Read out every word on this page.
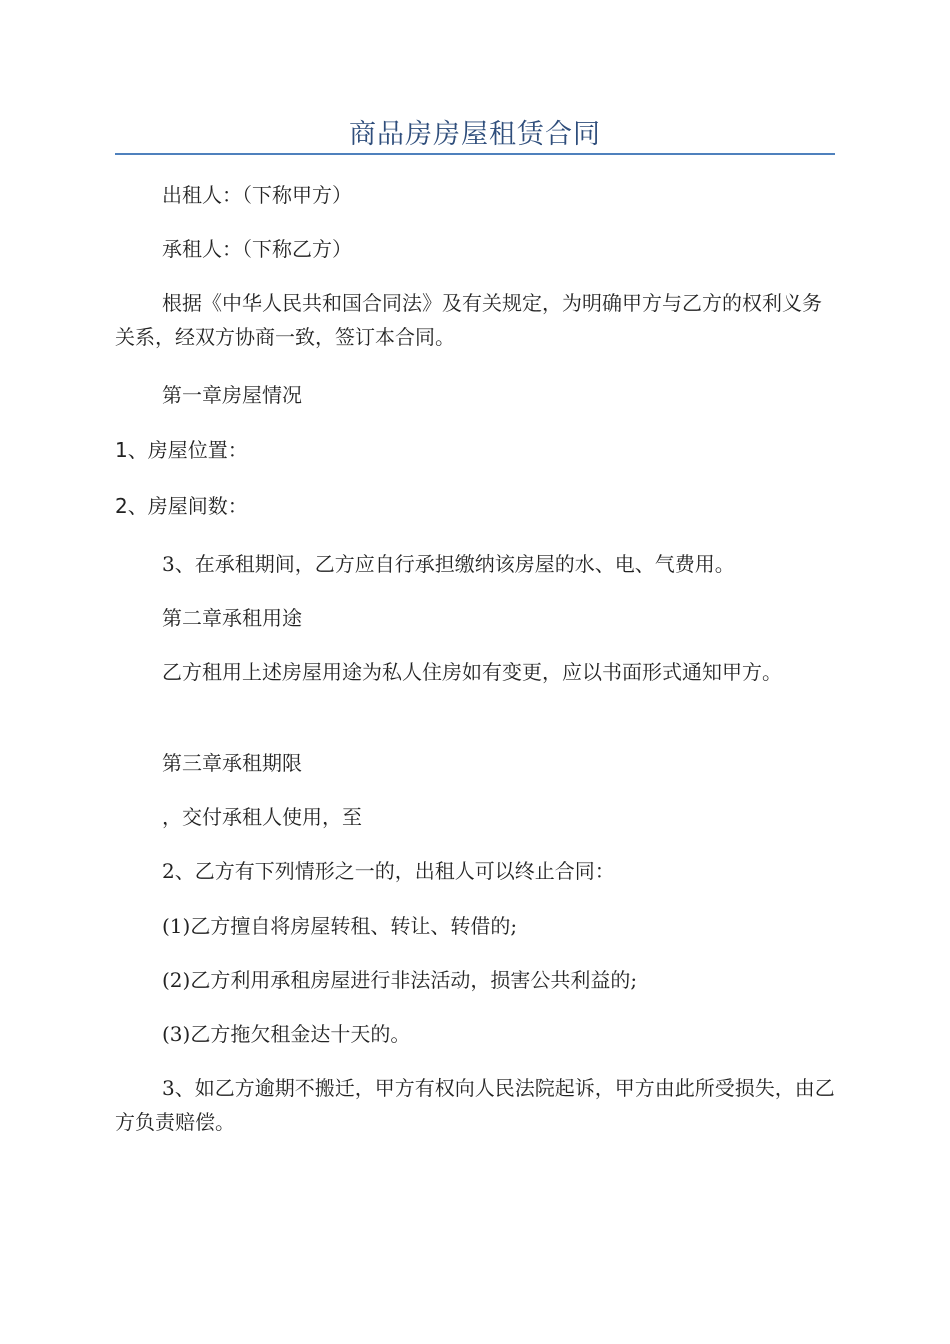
商品房房屋租赁合同

出租人：（下称甲方）

承租人：（下称乙方）

根据《中华人民共和国合同法》及有关规定，为明确甲方与乙方的权利义务关系，经双方协商一致，签订本合同。

第一章房屋情况

1、房屋位置：

2、房屋间数：

3、在承租期间，乙方应自行承担缴纳该房屋的水、电、气费用。

第二章承租用途

乙方租用上述房屋用途为私人住房如有变更，应以书面形式通知甲方。

第三章承租期限

，交付承租人使用，至

2、乙方有下列情形之一的，出租人可以终止合同：

(1)乙方擅自将房屋转租、转让、转借的;

(2)乙方利用承租房屋进行非法活动，损害公共利益的;

(3)乙方拖欠租金达十天的。

3、如乙方逾期不搬迁，甲方有权向人民法院起诉，甲方由此所受损失，由乙方负责赔偿。
